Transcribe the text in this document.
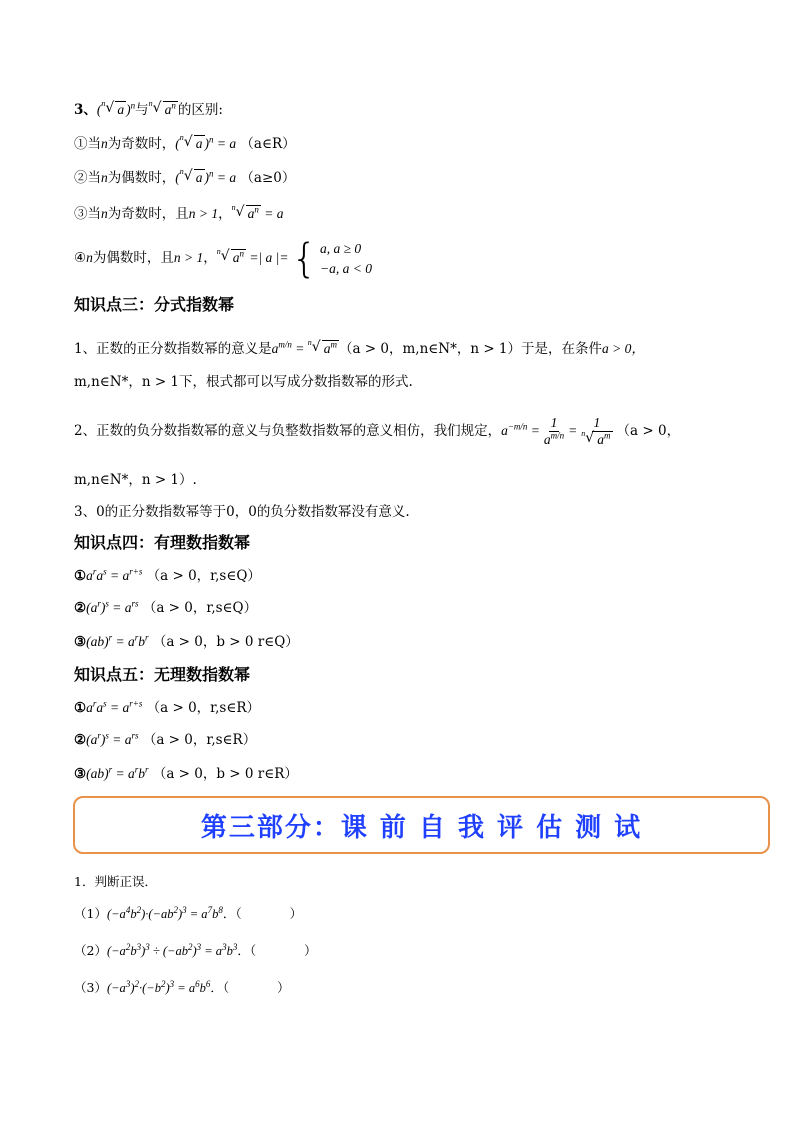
3、( n √ a )$^n$与 n √ $a^n$ 的区别:
①当n为奇数时，( n √ a )$^n$ = a （a∈R）
②当n为偶数时，( n √ a )$^n$ = a （a≥0）
③当n为奇数时，且n > 1， n √ $a^n = a$
④n为偶数时，且n > 1， n √ $a^n$ =| a |= { a, a ≥ 0
−a, a < 0
知识点三：分式指数幂
1、正数的正分数指数幂的意义是$a^{m/n} = n$ √ $a^m$ （a > 0，m,n∈N*，n > 1）于是，在条件a > 0，
m,n∈N*，n > 1下，根式都可以写成分数指数幂的形式.
2、正数的负分数指数幂的意义与负整数指数幂的意义相仿，我们规定，$a^{-m/n} = \frac{1}{a^{m/n}} = \frac{1}{n √ a^m} (a > 0$，
m,n∈N*，n > 1）.
3、0的正分数指数幂等于0，0的负分数指数幂没有意义.
知识点四：有理数指数幂
$①a^ra^s = a^{r+s}$ （a > 0，r,s∈Q）
$②(a^r)^s = a^{rs}$ （a > 0，r,s∈Q）
③(ab)$^r$ = $a^rb^r$ （a > 0，b > 0 r∈Q）
知识点五：无理数指数幂
$①a^ra^s = a^{r+s}$ （a > 0，r,s∈R）
$②(a^r)^s = a^{rs}$ （a > 0，r,s∈R）
③(ab)$^r$ = $a^rb^r$ （a > 0，b > 0 r∈R）
第三部分：课 前 自 我 评 估 测 试
1．判断正误．
$(1)(-a^4b^2)\cdot(-ab^2)^3 = a^7b^8$．（	）
$(2)(-a^2b^3)^3 \div (-ab^2)^3 = a^3b^3$．（	）
$(3)(-a^3)^2\cdot(-b^2)^3 = a^6b^6$．（	）
